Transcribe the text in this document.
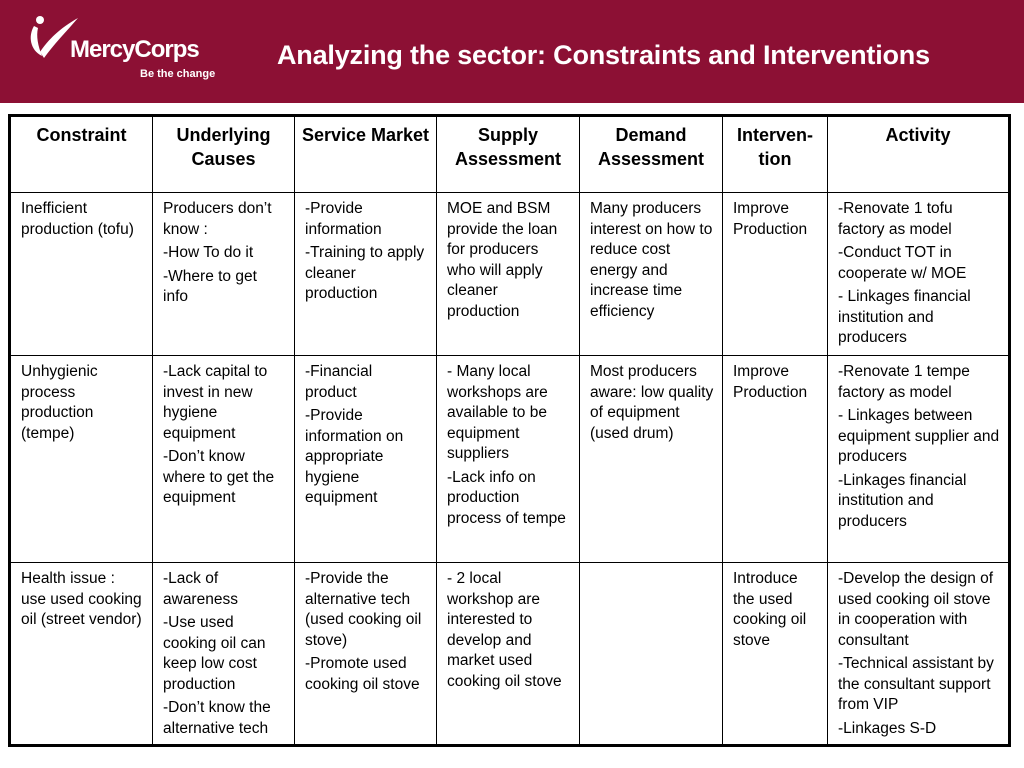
MercyCorps
Be the change
Analyzing the sector: Constraints and Interventions
Constraint	Underlying Causes	Service Market	Supply Assessment	Demand Assessment	Interven-tion	Activity

Inefficient production (tofu)	Producers don’t know :
-How To do it
-Where to get info	-Provide information
-Training to apply cleaner production	MOE and BSM provide the loan for producers who will apply cleaner production	Many producers interest on how to reduce cost energy and increase time efficiency	Improve Production	-Renovate 1 tofu factory as model
-Conduct TOT in cooperate w/ MOE
- Linkages financial institution and producers

Unhygienic process production (tempe)	-Lack capital to invest in new hygiene equipment
-Don’t know where to get the equipment	-Financial product
-Provide information on appropriate hygiene equipment	- Many local workshops are available to be equipment suppliers
-Lack info on production process of tempe	Most producers aware: low quality of equipment (used drum)	Improve Production	-Renovate 1 tempe factory as model
- Linkages between equipment supplier and producers
-Linkages financial institution and producers

Health issue : use used cooking oil (street vendor)	-Lack of awareness
-Use used cooking oil can keep low cost production
-Don’t know the alternative tech	-Provide the alternative tech (used cooking oil stove)
-Promote used cooking oil stove	- 2 local workshop are interested to develop and market used cooking oil stove		Introduce the used cooking oil stove	-Develop the design of used cooking oil stove in cooperation with consultant
-Technical assistant by the consultant support from VIP
-Linkages S-D
